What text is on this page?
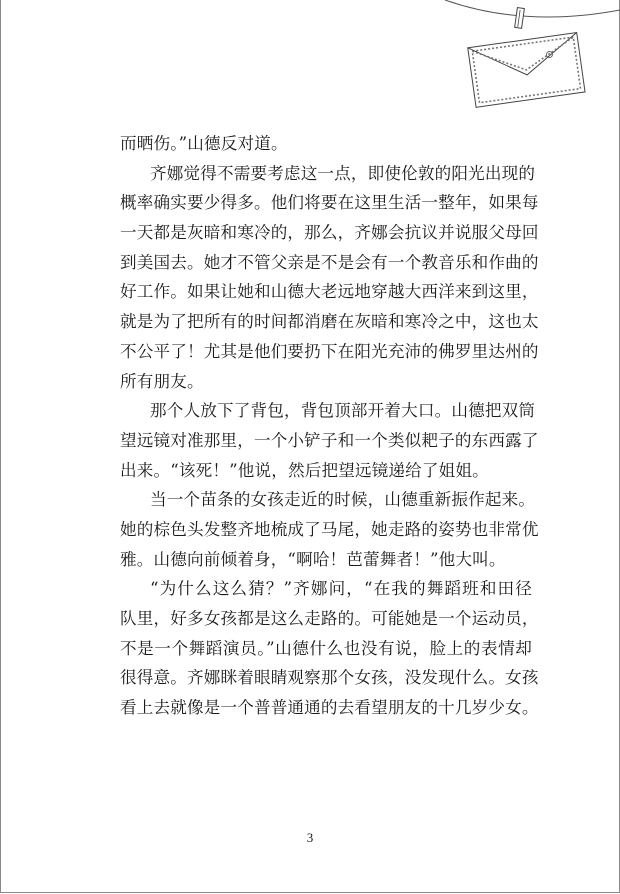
而晒伤。”山德反对道。
齐娜觉得不需要考虑这一点，即使伦敦的阳光出现的
概率确实要少得多。他们将要在这里生活一整年，如果每
一天都是灰暗和寒冷的，那么，齐娜会抗议并说服父母回
到美国去。她才不管父亲是不是会有一个教音乐和作曲的
好工作。如果让她和山德大老远地穿越大西洋来到这里，
就是为了把所有的时间都消磨在灰暗和寒冷之中，这也太
不公平了！尤其是他们要扔下在阳光充沛的佛罗里达州的
所有朋友。
那个人放下了背包，背包顶部开着大口。山德把双筒
望远镜对准那里，一个小铲子和一个类似耙子的东西露了
出来。“该死！”他说，然后把望远镜递给了姐姐。
当一个苗条的女孩走近的时候，山德重新振作起来。
她的棕色头发整齐地梳成了马尾，她走路的姿势也非常优
雅。山德向前倾着身，“啊哈！芭蕾舞者！”他大叫。
“为什么这么猜？”齐娜问，“在我的舞蹈班和田径
队里，好多女孩都是这么走路的。可能她是一个运动员，
不是一个舞蹈演员。”山德什么也没有说，脸上的表情却
很得意。齐娜眯着眼睛观察那个女孩，没发现什么。女孩
看上去就像是一个普普通通的去看望朋友的十几岁少女。
3
